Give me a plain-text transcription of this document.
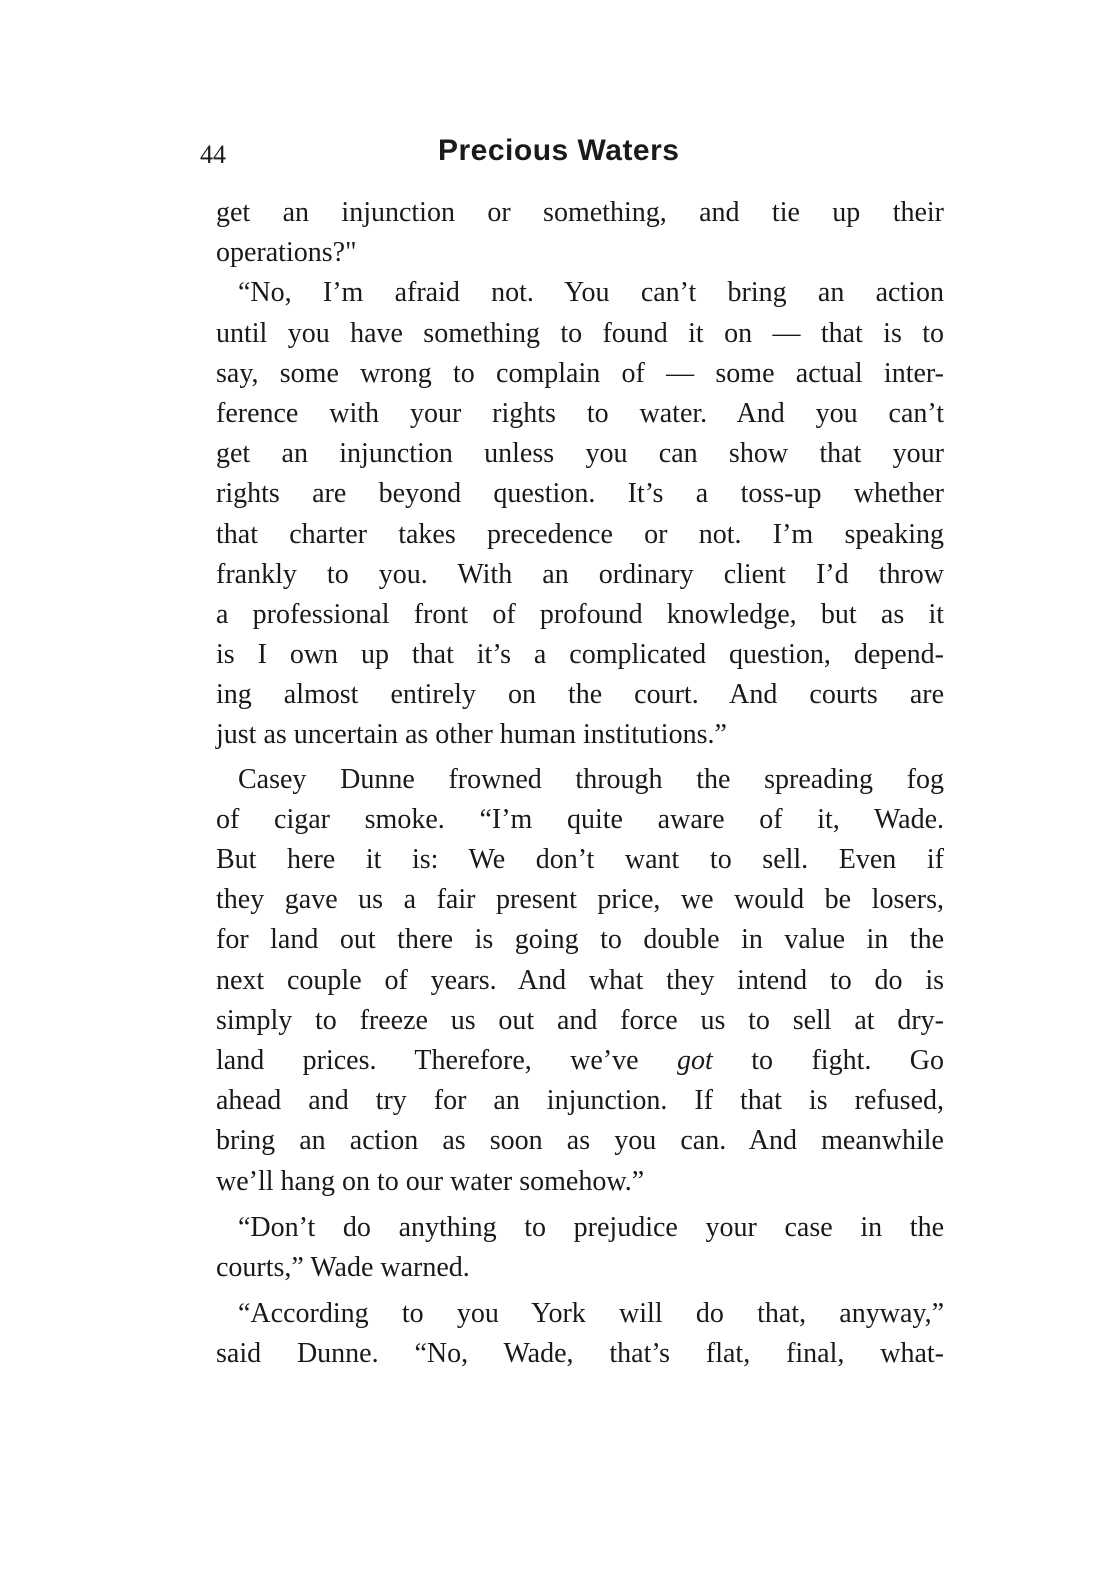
44	Precious Waters
get an injunction or something, and tie up their
operations?"
“No, I’m afraid not. You can’t bring an action
until you have something to found it on — that is to
say, some wrong to complain of — some actual inter-
ference with your rights to water. And you can’t
get an injunction unless you can show that your
rights are beyond question. It’s a toss-up whether
that charter takes precedence or not. I’m speaking
frankly to you. With an ordinary client I’d throw
a professional front of profound knowledge, but as it
is I own up that it’s a complicated question, depend-
ing almost entirely on the court. And courts are
just as uncertain as other human institutions.”
Casey Dunne frowned through the spreading fog
of cigar smoke. “I’m quite aware of it, Wade.
But here it is: We don’t want to sell. Even if
they gave us a fair present price, we would be losers,
for land out there is going to double in value in the
next couple of years. And what they intend to do is
simply to freeze us out and force us to sell at dry-
land prices. Therefore, we’ve got to fight. Go
ahead and try for an injunction. If that is refused,
bring an action as soon as you can. And meanwhile
we’ll hang on to our water somehow.”
“Don’t do anything to prejudice your case in the
courts,” Wade warned.
“According to you York will do that, anyway,”
said Dunne. “No, Wade, that’s flat, final, what-
